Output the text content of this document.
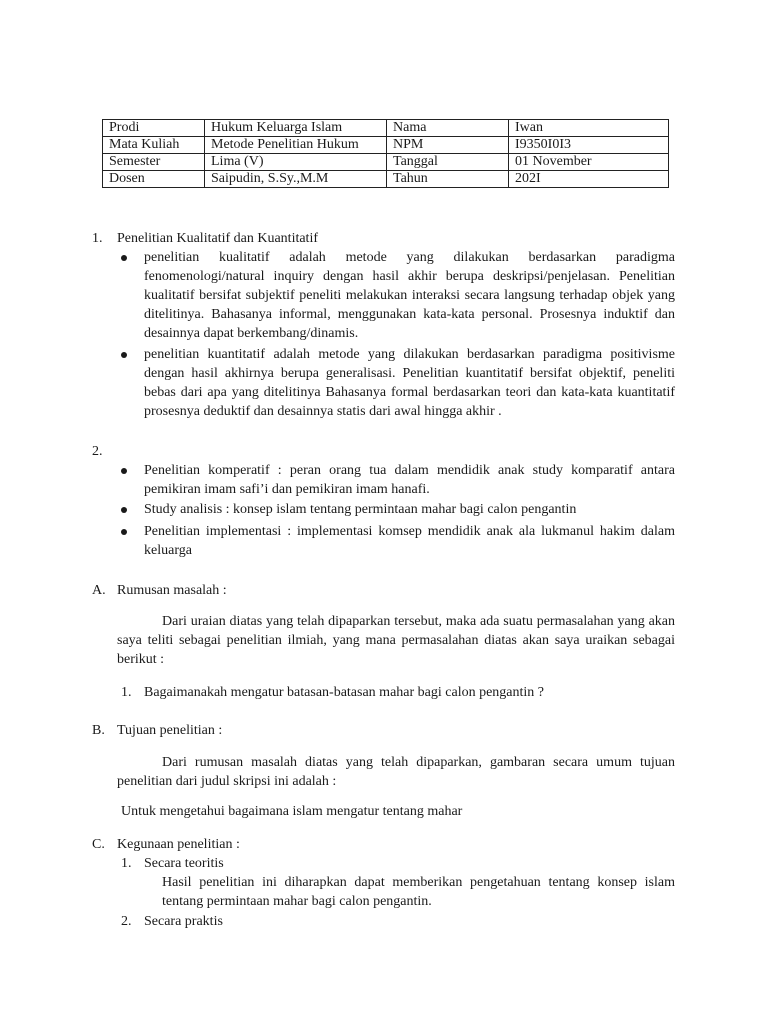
Prodi	Hukum Keluarga Islam	Nama	Iwan
Mata Kuliah	Metode Penelitian Hukum	NPM	I9350I0I3
Semester	Lima (V)	Tanggal	01 November
Dosen	Saipudin, S.Sy.,M.M	Tahun	202I
1.	Penelitian Kualitatif dan Kuantitatif

penelitian kualitatif adalah metode yang dilakukan berdasarkan paradigma fenomenologi/natural inquiry dengan hasil akhir berupa deskripsi/penjelasan. Penelitian kualitatif bersifat subjektif peneliti melakukan interaksi secara langsung terhadap objek yang ditelitinya. Bahasanya informal, menggunakan kata-kata personal. Prosesnya induktif dan desainnya dapat berkembang/dinamis.

penelitian kuantitatif adalah metode yang dilakukan berdasarkan paradigma positivisme dengan hasil akhirnya berupa generalisasi. Penelitian kuantitatif bersifat objektif, peneliti bebas dari apa yang ditelitinya Bahasanya formal berdasarkan teori dan kata-kata kuantitatif prosesnya deduktif dan desainnya statis dari awal hingga akhir .

2.

Penelitian komperatif : peran orang tua dalam mendidik anak study komparatif antara pemikiran imam safi’i dan pemikiran imam hanafi.

Study analisis : konsep islam tentang permintaan mahar bagi calon pengantin

Penelitian implementasi : implementasi komsep mendidik anak ala lukmanul hakim dalam keluarga

A. Rumusan masalah :

Dari uraian diatas yang telah dipaparkan tersebut, maka ada suatu permasalahan yang akan saya teliti sebagai penelitian ilmiah, yang mana permasalahan diatas akan saya uraikan sebagai berikut :

1. Bagaimanakah mengatur batasan-batasan mahar bagi calon pengantin ?
B. Tujuan penelitian :

Dari rumusan masalah diatas yang telah dipaparkan, gambaran secara umum tujuan penelitian dari judul skripsi ini adalah :

Untuk mengetahui bagaimana islam mengatur tentang mahar
C. Kegunaan penelitian :
1. Secara teoritis

Hasil penelitian ini diharapkan dapat memberikan pengetahuan tentang konsep islam tentang permintaan mahar bagi calon pengantin.

2. Secara praktis
